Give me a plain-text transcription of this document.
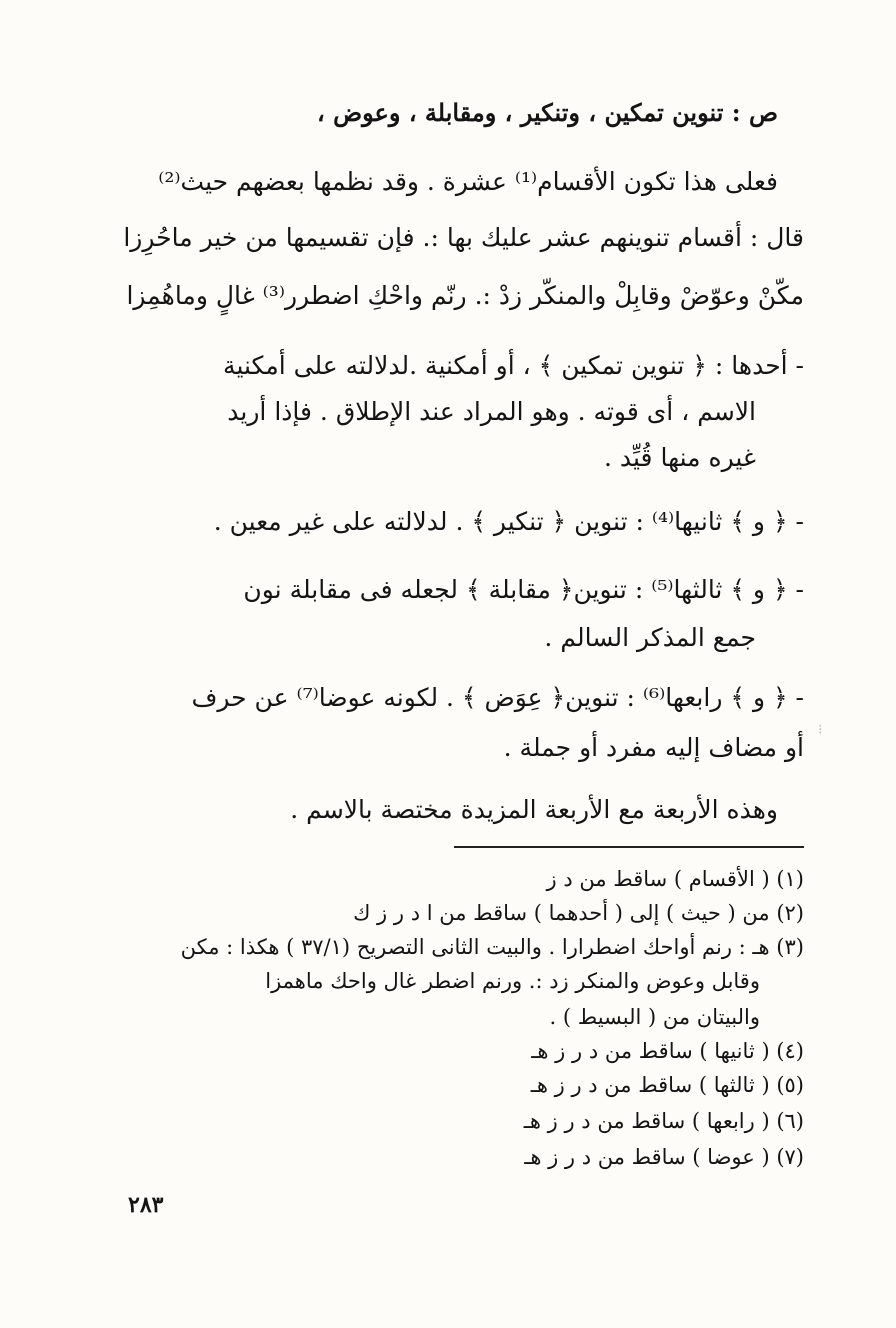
ص : تنوين تمكين ، وتنكير ، ومقابلة ، وعوض ،
فعلى هذا تكون الأقسام⁽¹⁾ عشرة . وقد نظمها بعضهم حيث⁽²⁾
قال : أقسام تنوينهم عشر عليك بها :. فإن تقسيمها من خير ماحُرِزا
مكّنْ وعوّضْ وقابِلْ والمنكّر زدْ :. رنّم واحْكِ اضطرر⁽³⁾ غالٍ وماهُمِزا
- أحدها : ﴿ تنوين تمكين ﴾ ، أو أمكنية .لدلالته على أمكنية
الاسم ، أى قوته . وهو المراد عند الإطلاق . فإذا أريد
غيره منها قُيِّد .
- ﴿ و ﴾ ثانيها⁽⁴⁾ : تنوين ﴿ تنكير ﴾ . لدلالته على غير معين .
- ﴿ و ﴾ ثالثها⁽⁵⁾ : تنوين﴿ مقابلة ﴾ لجعله فى مقابلة نون
جمع المذكر السالم .
- ﴿ و ﴾ رابعها⁽⁶⁾ : تنوين﴿ عِوَض ﴾ . لكونه عوضا⁽⁷⁾ عن حرف
أو مضاف إليه مفرد أو جملة .
وهذه الأربعة مع الأربعة المزيدة مختصة بالاسم .
⁝
(١) ( الأقسام ) ساقط من د ز
(٢) من ( حيث ) إلى ( أحدهما ) ساقط من ا د ر ز ك
(٣) هـ : رنم أواحك اضطرارا . والبيت الثانى التصريح (٣٧/١ ) هكذا : مكن
وقابل وعوض والمنكر زد :. ورنم اضطر غال واحك ماهمزا
والبيتان من ( البسيط ) .
(٤) ( ثانيها ) ساقط من د ر ز هـ
(٥) ( ثالثها ) ساقط من د ر ز هـ
(٦) ( رابعها ) ساقط من د ر ز هـ
(٧) ( عوضا ) ساقط من د ر ز هـ
٢٨٣
